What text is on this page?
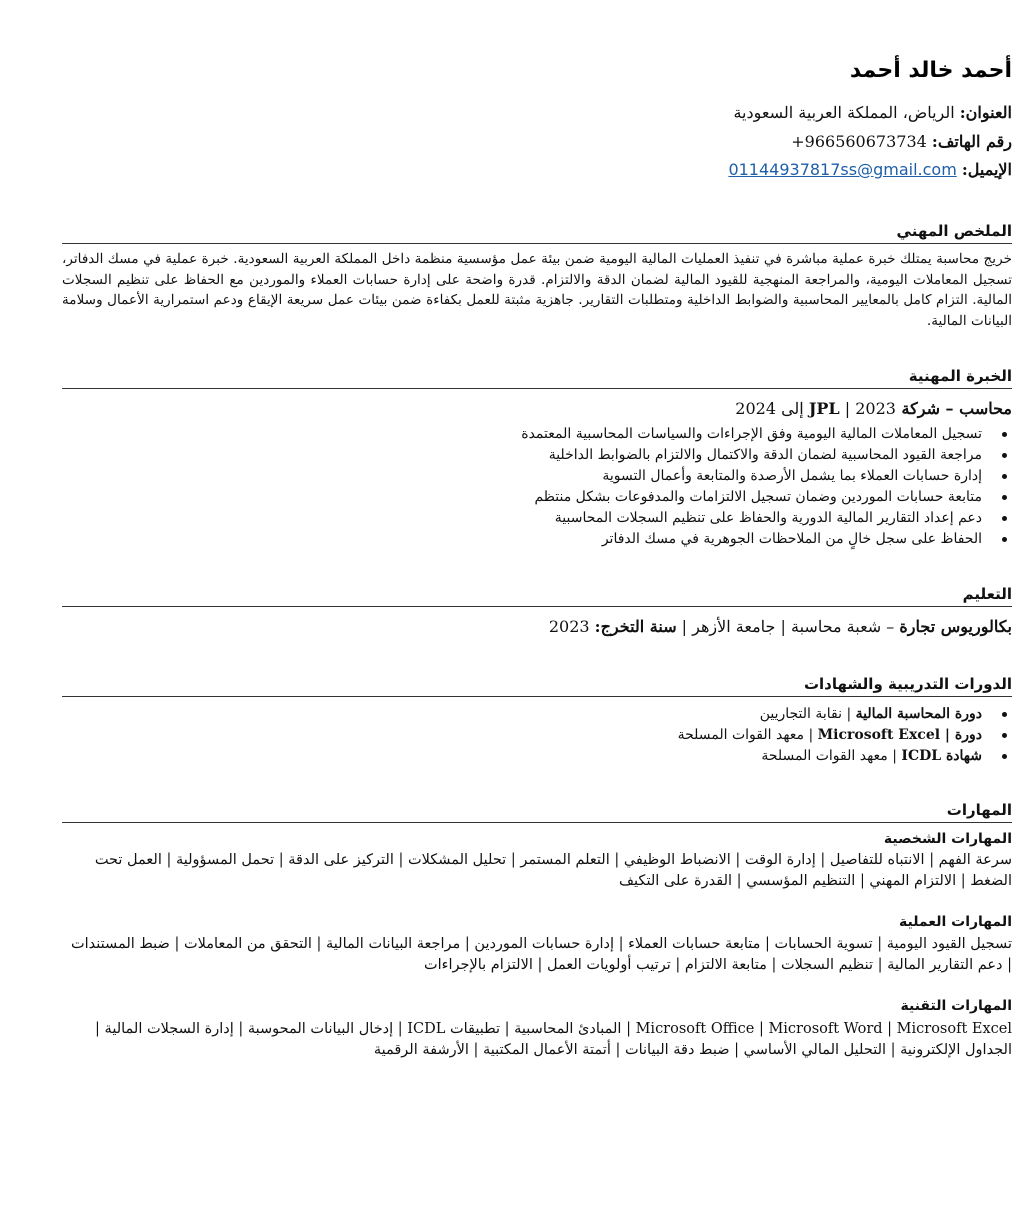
أحمد خالد أحمد
العنوان: الرياض، المملكة العربية السعودية
رقم الهاتف: 966560673734+
الإيميل: 01144937817ss@gmail.com
الملخص المهني

خريج محاسبة يمتلك خبرة عملية مباشرة في تنفيذ العمليات المالية اليومية ضمن بيئة عمل مؤسسية منظمة داخل المملكة العربية السعودية. خبرة عملية في مسك الدفاتر، تسجيل المعاملات اليومية، والمراجعة المنهجية للقيود المالية لضمان الدقة والالتزام. قدرة واضحة على إدارة حسابات العملاء والموردين مع الحفاظ على تنظيم السجلات المالية. التزام كامل بالمعايير المحاسبية والضوابط الداخلية ومتطلبات التقارير. جاهزية مثبتة للعمل بكفاءة ضمن بيئات عمل سريعة الإيقاع ودعم استمرارية الأعمال وسلامة البيانات المالية.

الخبرة المهنية
محاسب – شركة JPL | 2023 إلى 2024
تسجيل المعاملات المالية اليومية وفق الإجراءات والسياسات المحاسبية المعتمدة
مراجعة القيود المحاسبية لضمان الدقة والاكتمال والالتزام بالضوابط الداخلية
إدارة حسابات العملاء بما يشمل الأرصدة والمتابعة وأعمال التسوية
متابعة حسابات الموردين وضمان تسجيل الالتزامات والمدفوعات بشكل منتظم
دعم إعداد التقارير المالية الدورية والحفاظ على تنظيم السجلات المحاسبية
الحفاظ على سجل خالٍ من الملاحظات الجوهرية في مسك الدفاتر
التعليم
بكالوريوس تجارة – شعبة محاسبة | جامعة الأزهر | سنة التخرج: 2023
الدورات التدريبية والشهادات
دورة المحاسبة المالية | نقابة التجاريين
دورة | Microsoft Excel | معهد القوات المسلحة
شهادة ICDL | معهد القوات المسلحة
المهارات
المهارات الشخصية

سرعة الفهم | الانتباه للتفاصيل | إدارة الوقت | الانضباط الوظيفي | التعلم المستمر | تحليل المشكلات | التركيز على الدقة | تحمل المسؤولية | العمل تحت الضغط | الالتزام المهني | التنظيم المؤسسي | القدرة على التكيف

المهارات العملية

تسجيل القيود اليومية | تسوية الحسابات | متابعة حسابات العملاء | إدارة حسابات الموردين | مراجعة البيانات المالية | التحقق من المعاملات | ضبط المستندات | دعم التقارير المالية | تنظيم السجلات | متابعة الالتزام | ترتيب أولويات العمل | الالتزام بالإجراءات

المهارات التقنية

Microsoft Office | Microsoft Word | Microsoft Excel | المبادئ المحاسبية | تطبيقات ICDL | إدخال البيانات المحوسبة | إدارة السجلات المالية | الجداول الإلكترونية | التحليل المالي الأساسي | ضبط دقة البيانات | أتمتة الأعمال المكتبية | الأرشفة الرقمية
